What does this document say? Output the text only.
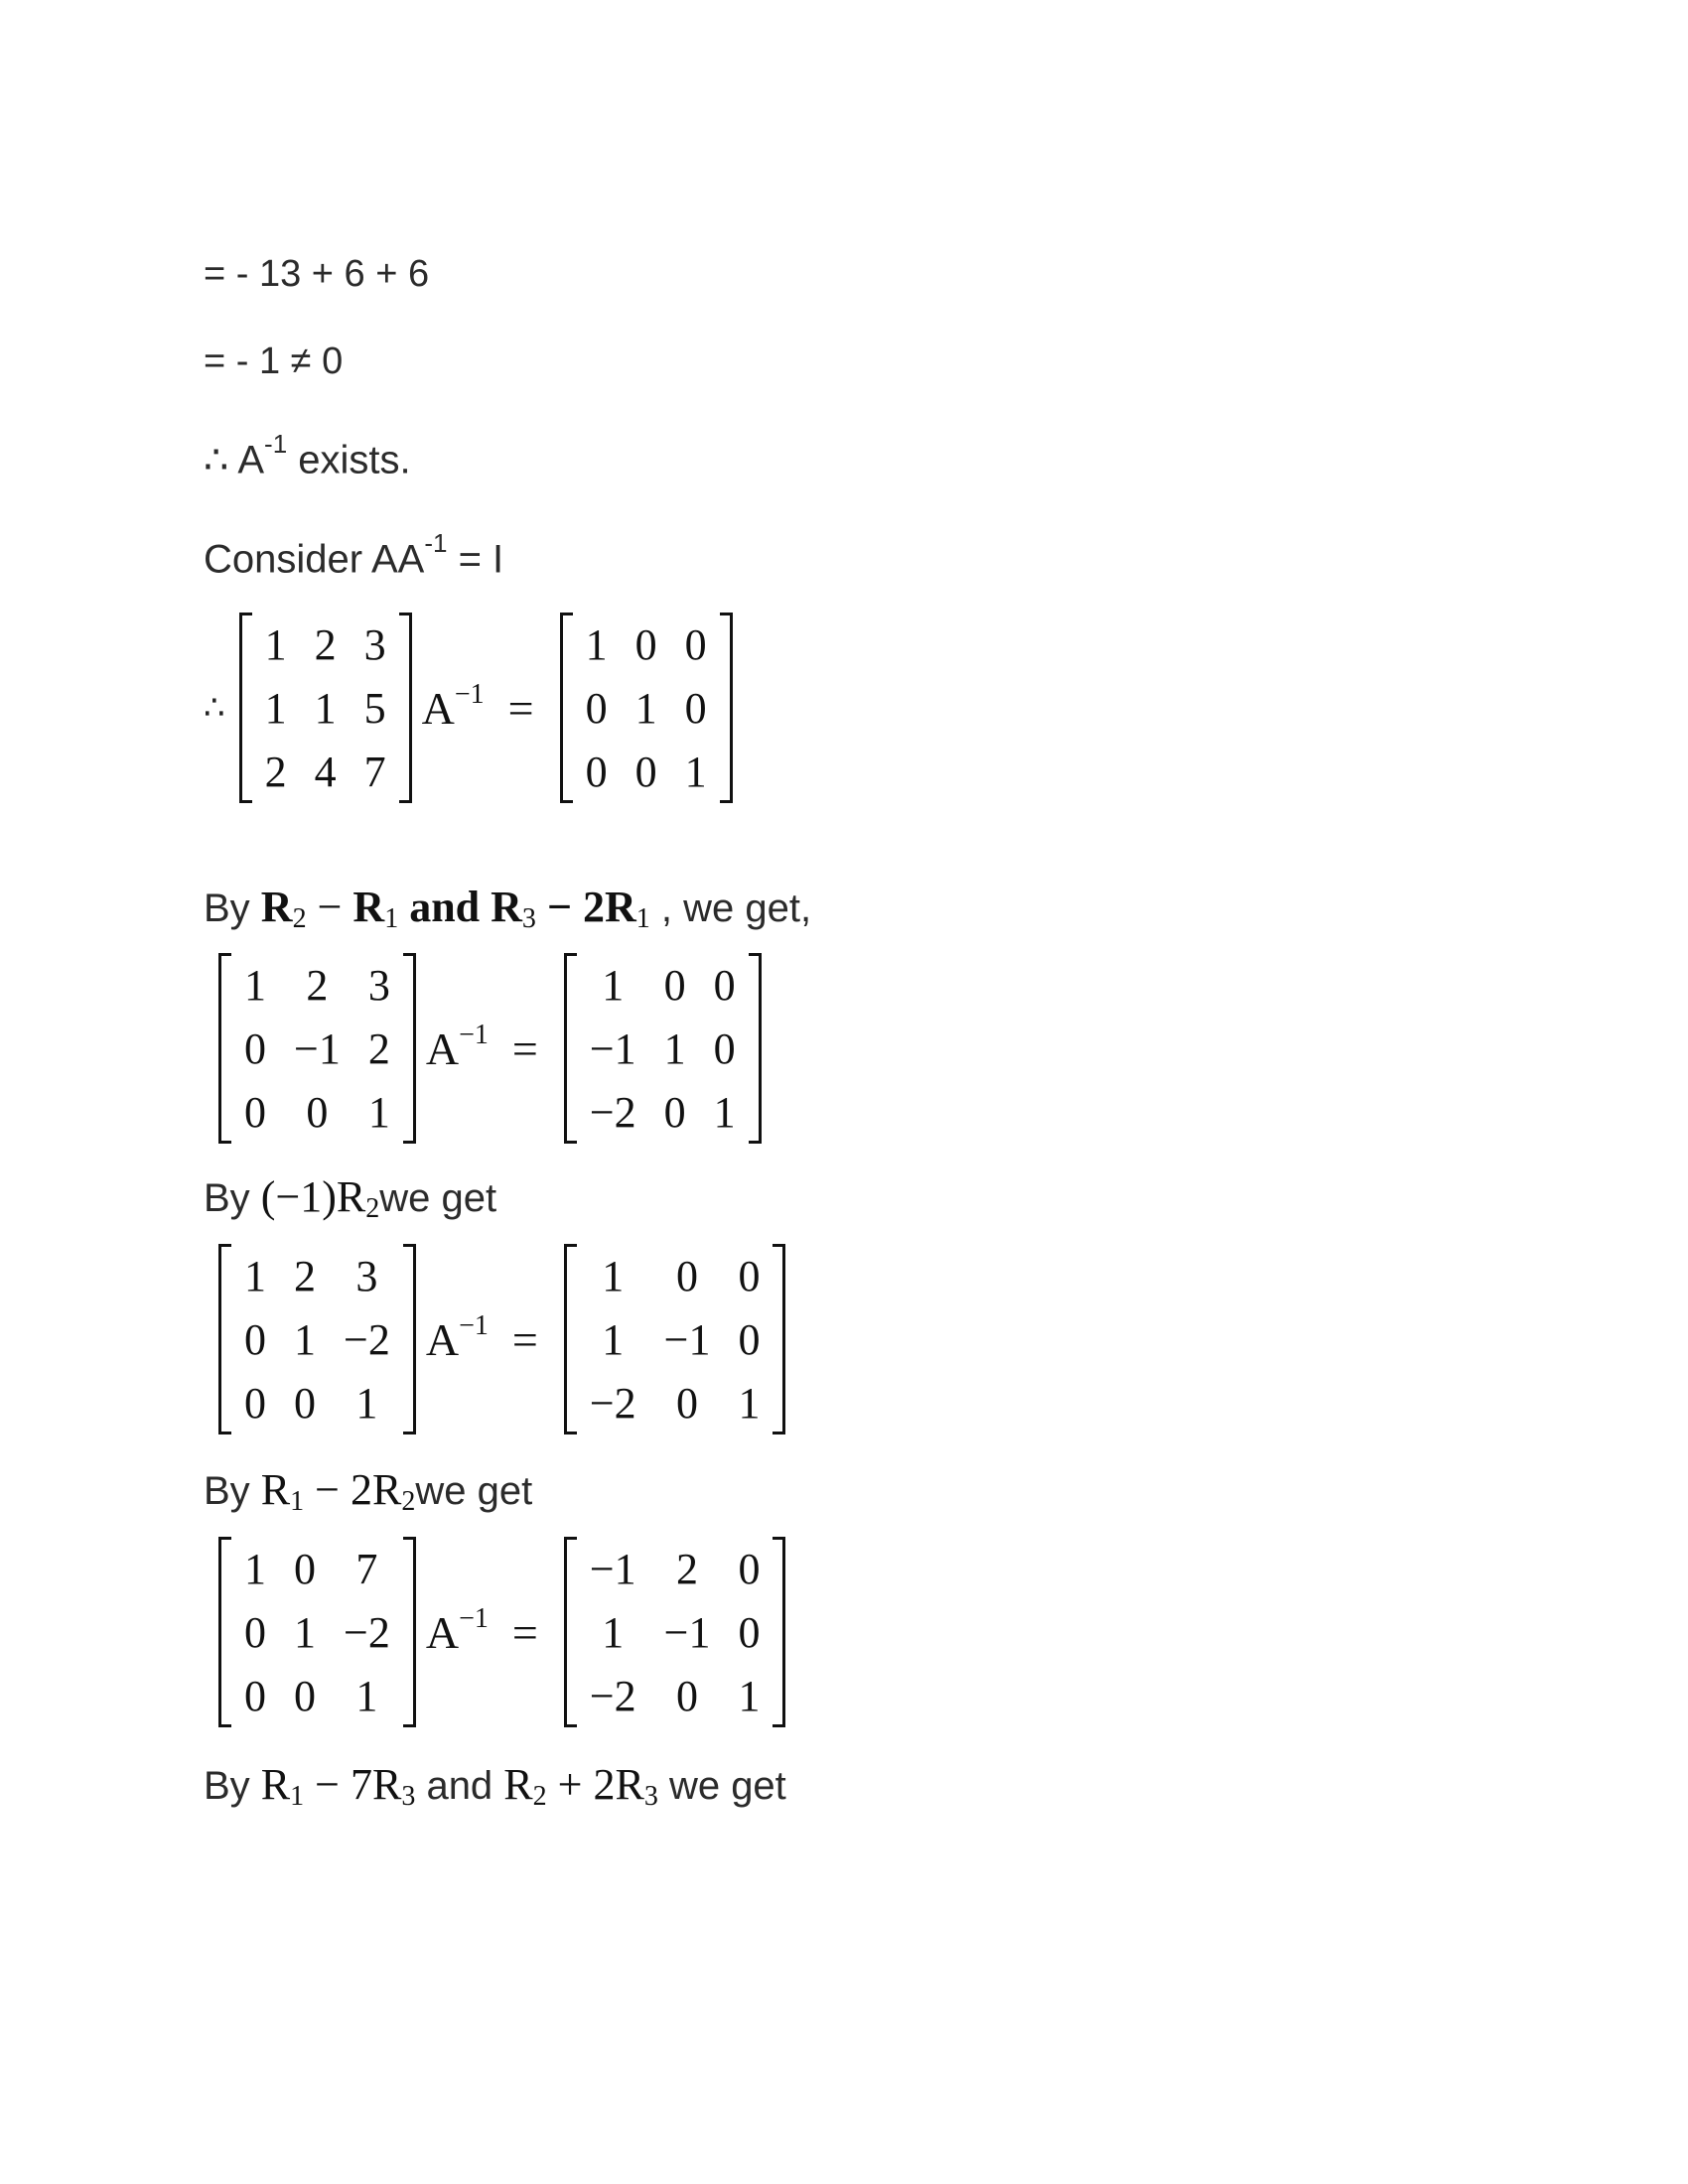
= - 13 + 6 + 6
= - 1 ≠ 0
∴ $A^{-1}$ exists.
Consider $AA^{-1} = I$
∴
1	2	3
1	1	5
2	4	7
$A^{-1}$ =
1	0	0
0	1	0
0	0	1
By $R_2 - R_1$ and $R_3 - 2R_1$ , we get,
1	2	3
0	−1	2
0	0	1
$A^{-1}$ =
1	0	0
−1	1	0
−2	0	1
By $(-1)R_2we$ get
1	2	3
0	1	−2
0	0	1
$A^{-1}$ =
1	0	0
1	−1	0
−2	0	1
By $R_1 - 2R_2we$ get
1	0	7
0	1	−2
0	0	1
$A^{-1}$ =
−1	2	0
1	−1	0
−2	0	1
By $R_1 - 7R_3$ and $R_2 + 2R_3$ we get
